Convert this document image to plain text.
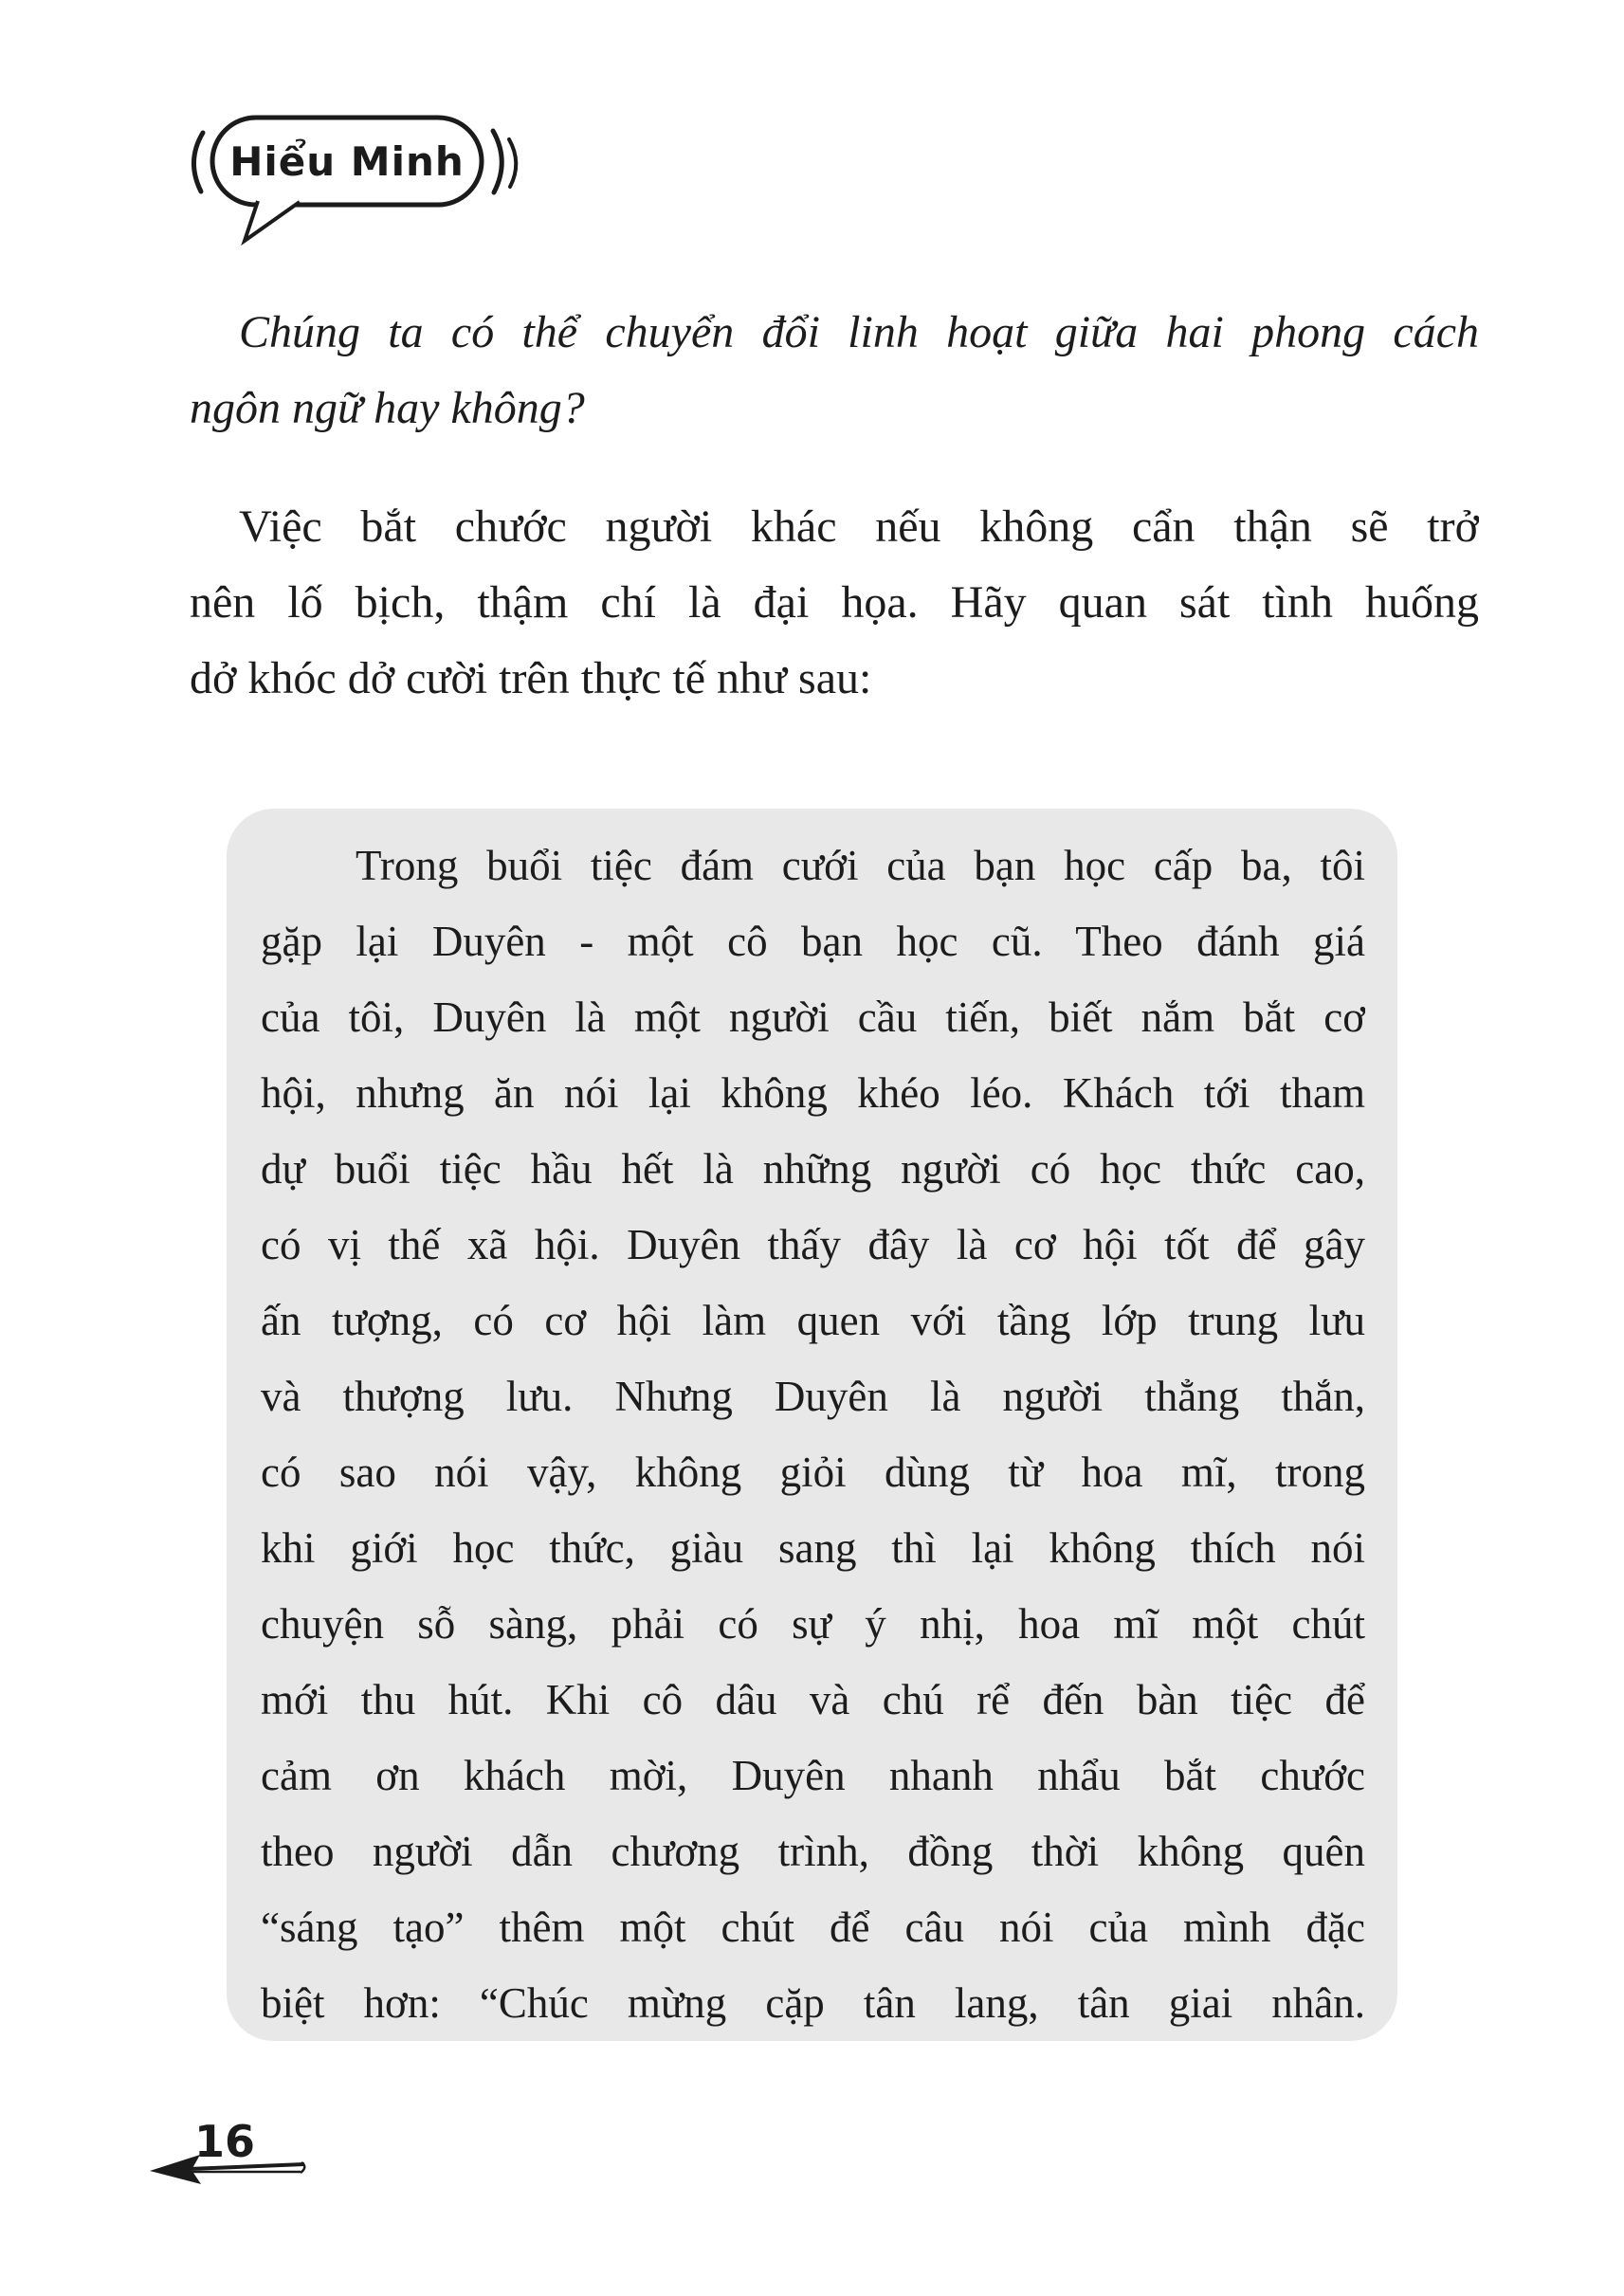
Hiểu Minh
Chúng ta có thể chuyển đổi linh hoạt giữa hai phong cách
ngôn ngữ hay không?
Việc bắt chước người khác nếu không cẩn thận sẽ trở
nên lố bịch, thậm chí là đại họa. Hãy quan sát tình huống
dở khóc dở cười trên thực tế như sau:
Trong buổi tiệc đám cưới của bạn học cấp ba, tôi
gặp lại Duyên - một cô bạn học cũ. Theo đánh giá
của tôi, Duyên là một người cầu tiến, biết nắm bắt cơ
hội, nhưng ăn nói lại không khéo léo. Khách tới tham
dự buổi tiệc hầu hết là những người có học thức cao,
có vị thế xã hội. Duyên thấy đây là cơ hội tốt để gây
ấn tượng, có cơ hội làm quen với tầng lớp trung lưu
và thượng lưu. Nhưng Duyên là người thẳng thắn,
có sao nói vậy, không giỏi dùng từ hoa mĩ, trong
khi giới học thức, giàu sang thì lại không thích nói
chuyện sỗ sàng, phải có sự ý nhị, hoa mĩ một chút
mới thu hút. Khi cô dâu và chú rể đến bàn tiệc để
cảm ơn khách mời, Duyên nhanh nhẩu bắt chước
theo người dẫn chương trình, đồng thời không quên
“sáng tạo” thêm một chút để câu nói của mình đặc
biệt hơn: “Chúc mừng cặp tân lang, tân giai nhân.
16
